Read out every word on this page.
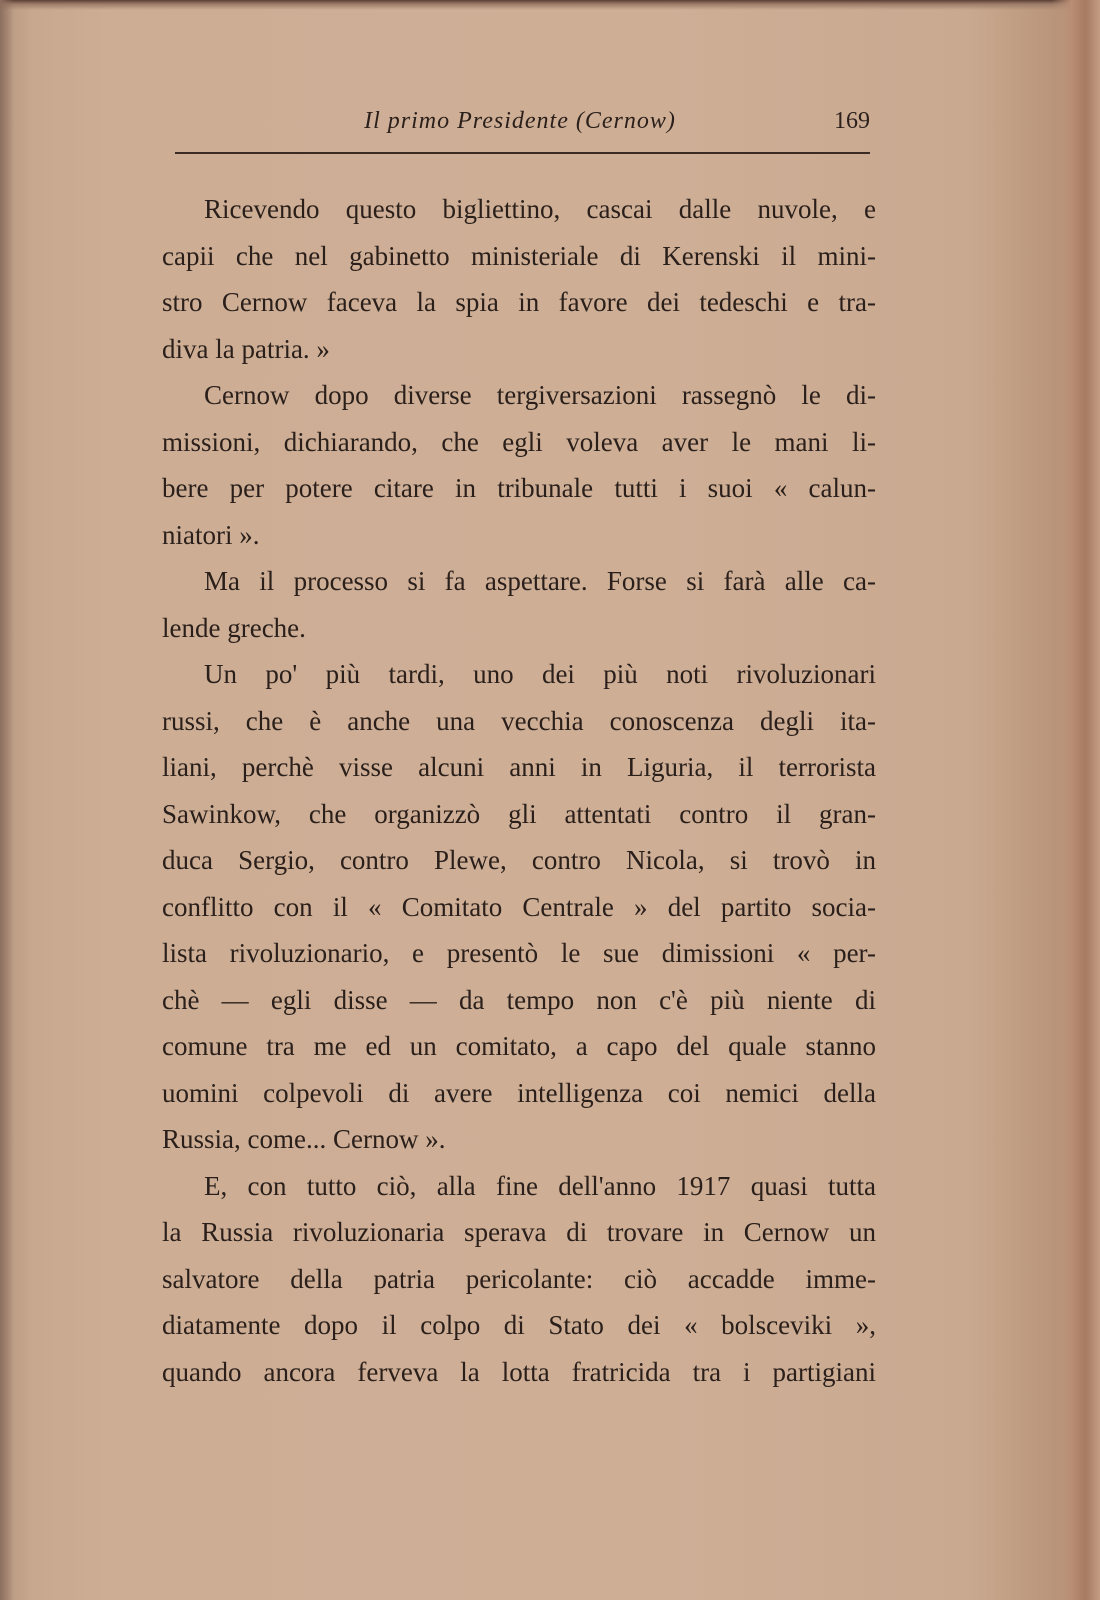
Il primo Presidente (Cernow)	169
Ricevendo questo bigliettino, cascai dalle nuvole, e
capii che nel gabinetto ministeriale di Kerenski il mini-
stro Cernow faceva la spia in favore dei tedeschi e tra-
diva la patria. »
Cernow dopo diverse tergiversazioni rassegnò le di-
missioni, dichiarando, che egli voleva aver le mani li-
bere per potere citare in tribunale tutti i suoi « calun-
niatori ».
Ma il processo si fa aspettare. Forse si farà alle ca-
lende greche.
Un po' più tardi, uno dei più noti rivoluzionari
russi, che è anche una vecchia conoscenza degli ita-
liani, perchè visse alcuni anni in Liguria, il terrorista
Sawinkow, che organizzò gli attentati contro il gran-
duca Sergio, contro Plewe, contro Nicola, si trovò in
conflitto con il « Comitato Centrale » del partito socia-
lista rivoluzionario, e presentò le sue dimissioni « per-
chè — egli disse — da tempo non c'è più niente di
comune tra me ed un comitato, a capo del quale stanno
uomini colpevoli di avere intelligenza coi nemici della
Russia, come... Cernow ».
E, con tutto ciò, alla fine dell'anno 1917 quasi tutta
la Russia rivoluzionaria sperava di trovare in Cernow un
salvatore della patria pericolante: ciò accadde imme-
diatamente dopo il colpo di Stato dei « bolsceviki »,
quando ancora ferveva la lotta fratricida tra i partigiani
